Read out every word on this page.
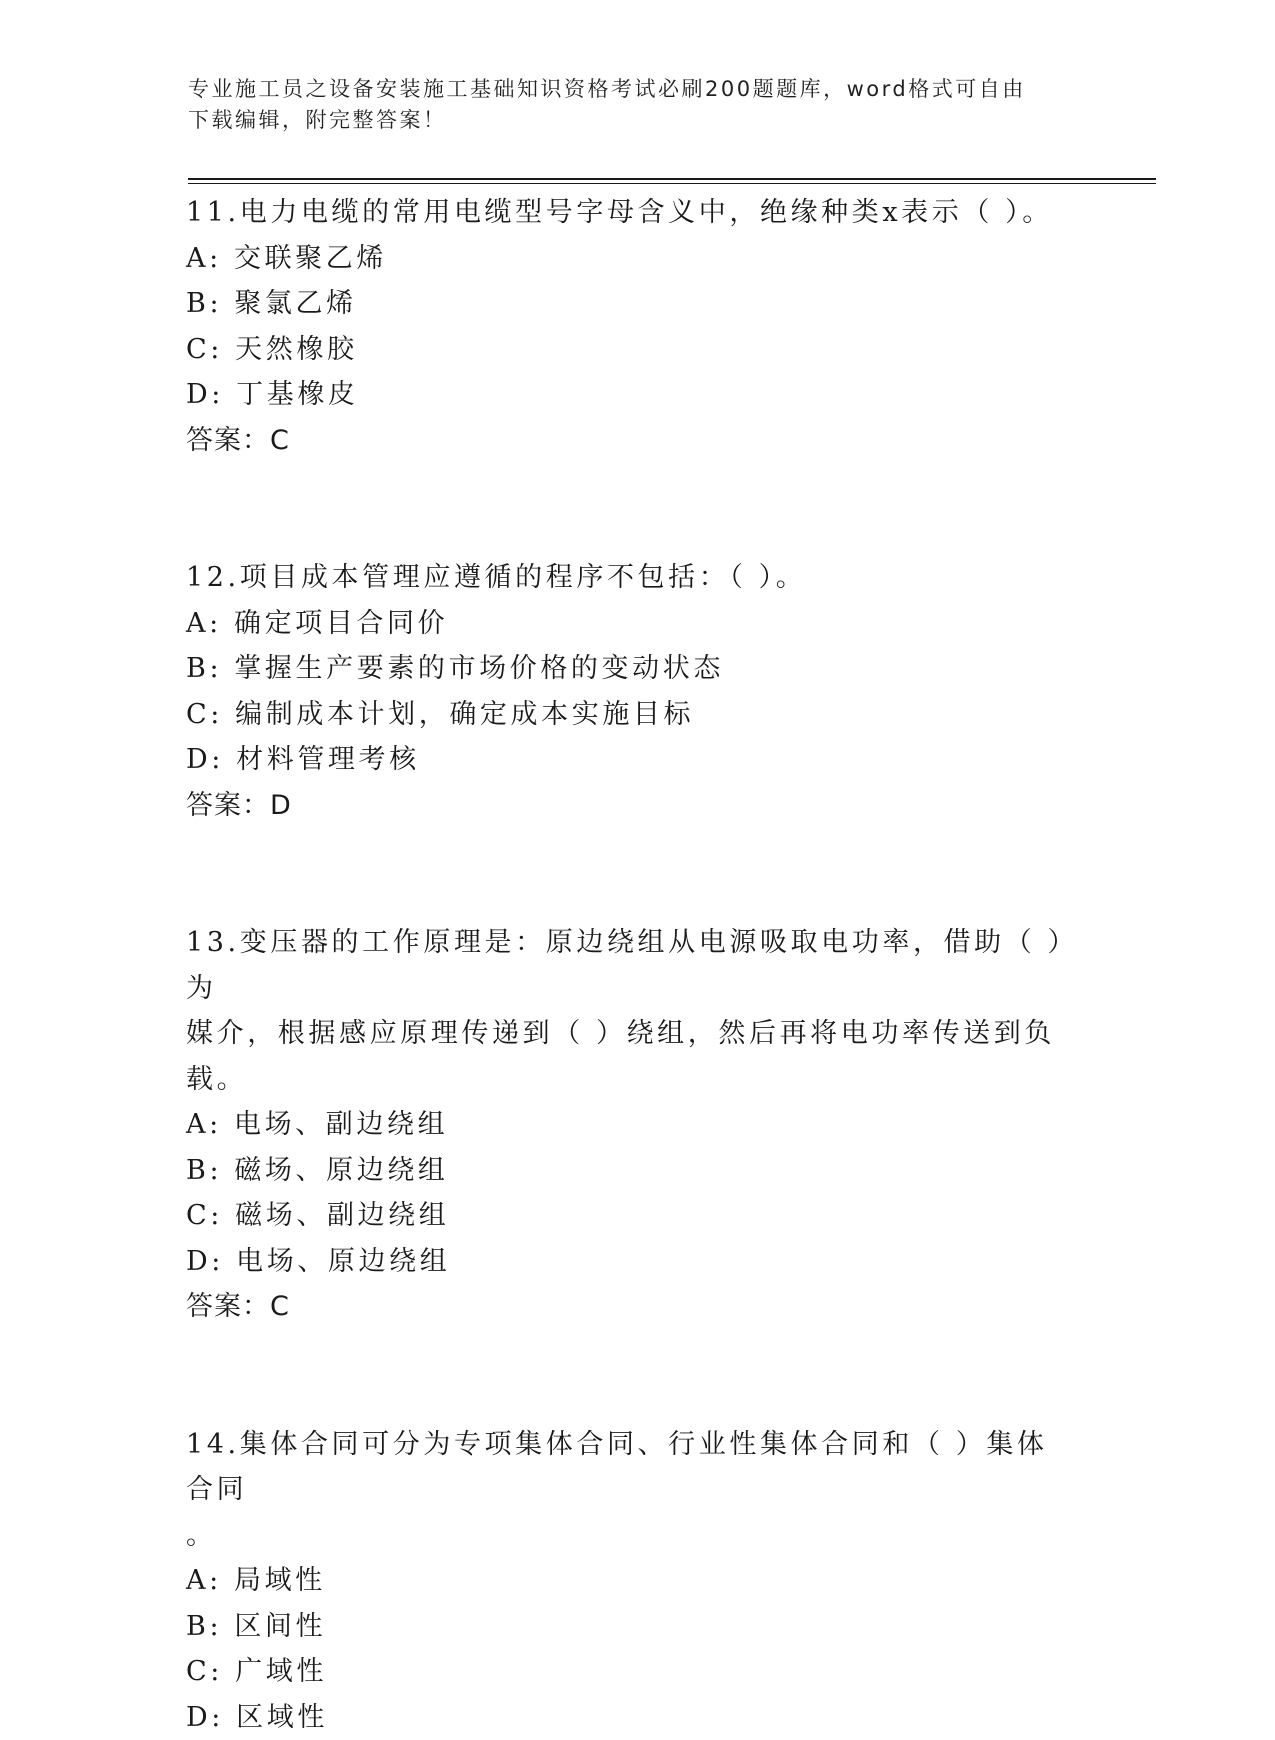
专业施工员之设备安装施工基础知识资格考试必刷200题题库，word格式可自由
下载编辑，附完整答案！

11.电力电缆的常用电缆型号字母含义中，绝缘种类x表示（ ）。

A: 交联聚乙烯

B: 聚氯乙烯

C: 天然橡胶

D: 丁基橡皮

答案：C

12.项目成本管理应遵循的程序不包括：（ ）。

A: 确定项目合同价

B: 掌握生产要素的市场价格的变动状态

C: 编制成本计划，确定成本实施目标

D: 材料管理考核

答案：D

13.变压器的工作原理是：原边绕组从电源吸取电功率，借助（ ）为

媒介，根据感应原理传递到（ ）绕组，然后再将电功率传送到负载。

A: 电场、副边绕组

B: 磁场、原边绕组

C: 磁场、副边绕组

D: 电场、原边绕组

答案：C

14.集体合同可分为专项集体合同、行业性集体合同和（ ）集体合同

。

A: 局域性

B: 区间性

C: 广域性

D: 区域性
